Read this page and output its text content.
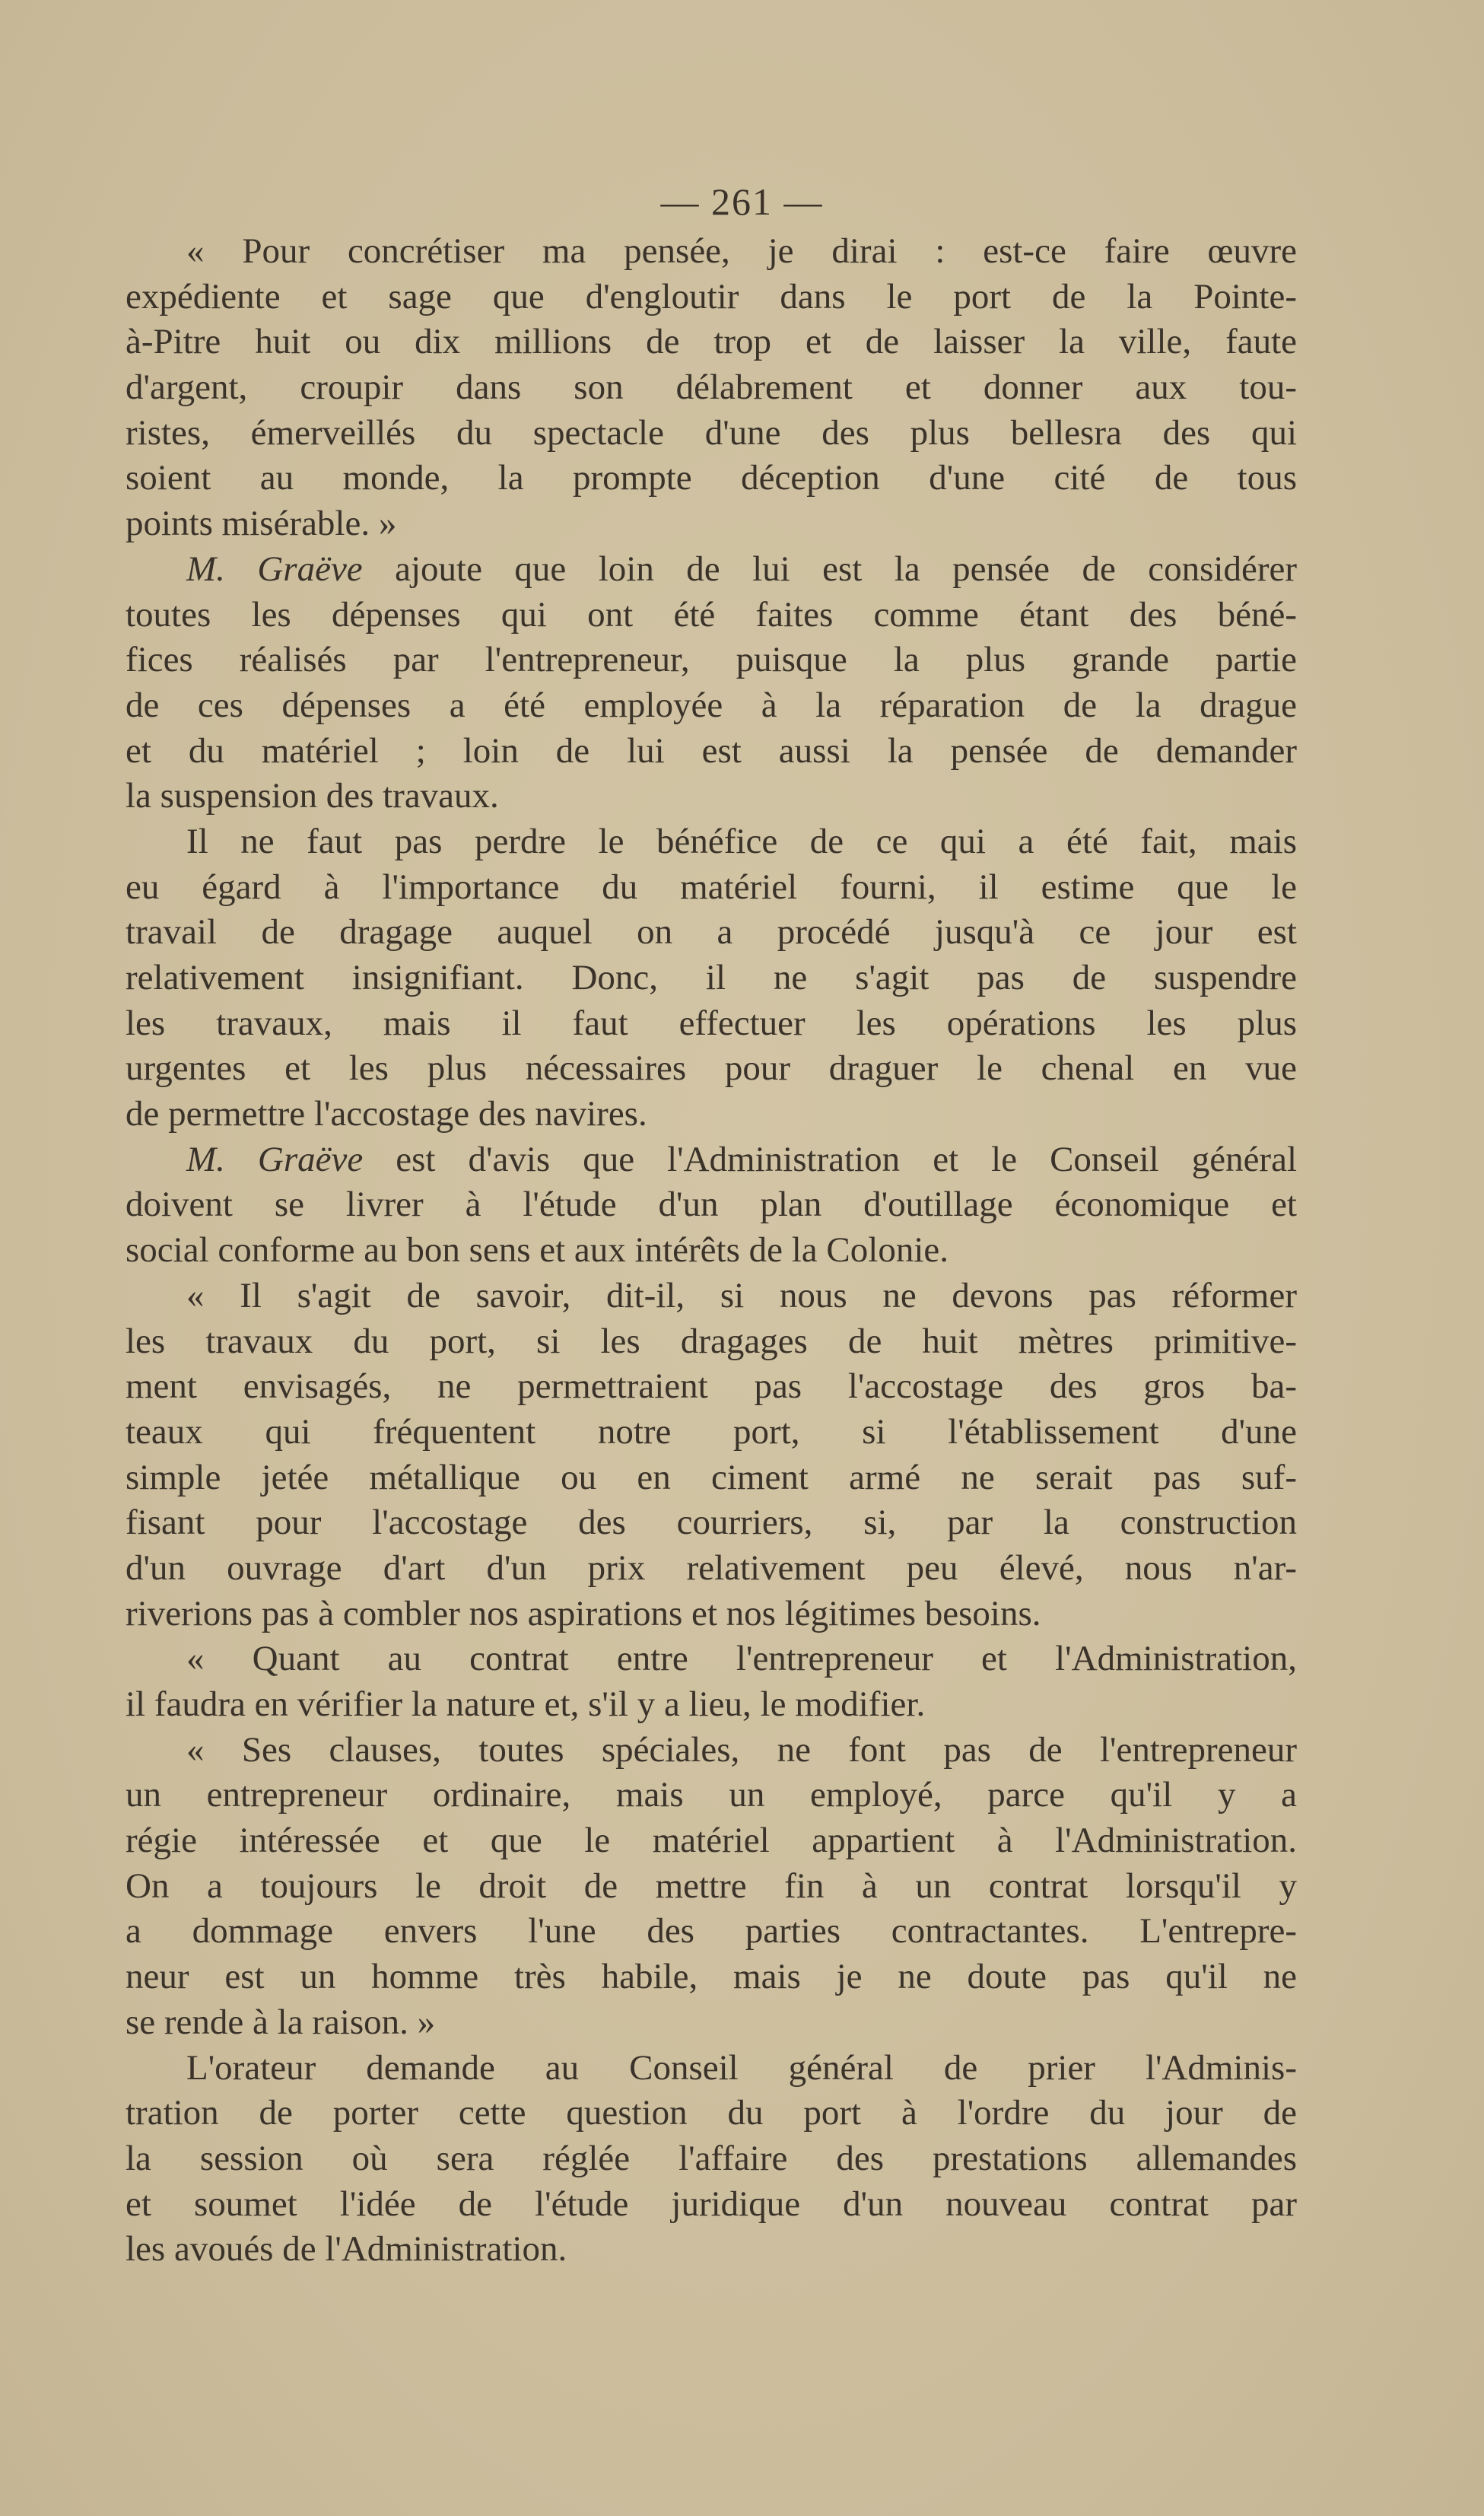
— 261 —
« Pour concrétiser ma pensée, je dirai : est-ce faire œuvre
expédiente et sage que d'engloutir dans le port de la Pointe-
à-Pitre huit ou dix millions de trop et de laisser la ville, faute
d'argent, croupir dans son délabrement et donner aux tou-
ristes, émerveillés du spectacle d'une des plus bellesra des qui
soient au monde, la prompte déception d'une cité de tous
points misérable. »
M. Graëve ajoute que loin de lui est la pensée de considérer
toutes les dépenses qui ont été faites comme étant des béné-
fices réalisés par l'entrepreneur, puisque la plus grande partie
de ces dépenses a été employée à la réparation de la drague
et du matériel ; loin de lui est aussi la pensée de demander
la suspension des travaux.
Il ne faut pas perdre le bénéfice de ce qui a été fait, mais
eu égard à l'importance du matériel fourni, il estime que le
travail de dragage auquel on a procédé jusqu'à ce jour est
relativement insignifiant. Donc, il ne s'agit pas de suspendre
les travaux, mais il faut effectuer les opérations les plus
urgentes et les plus nécessaires pour draguer le chenal en vue
de permettre l'accostage des navires.
M. Graëve est d'avis que l'Administration et le Conseil général
doivent se livrer à l'étude d'un plan d'outillage économique et
social conforme au bon sens et aux intérêts de la Colonie.
« Il s'agit de savoir, dit-il, si nous ne devons pas réformer
les travaux du port, si les dragages de huit mètres primitive-
ment envisagés, ne permettraient pas l'accostage des gros ba-
teaux qui fréquentent notre port, si l'établissement d'une
simple jetée métallique ou en ciment armé ne serait pas suf-
fisant pour l'accostage des courriers, si, par la construction
d'un ouvrage d'art d'un prix relativement peu élevé, nous n'ar-
riverions pas à combler nos aspirations et nos légitimes besoins.
« Quant au contrat entre l'entrepreneur et l'Administration,
il faudra en vérifier la nature et, s'il y a lieu, le modifier.
« Ses clauses, toutes spéciales, ne font pas de l'entrepreneur
un entrepreneur ordinaire, mais un employé, parce qu'il y a
régie intéressée et que le matériel appartient à l'Administration.
On a toujours le droit de mettre fin à un contrat lorsqu'il y
a dommage envers l'une des parties contractantes. L'entrepre-
neur est un homme très habile, mais je ne doute pas qu'il ne
se rende à la raison. »
L'orateur demande au Conseil général de prier l'Adminis-
tration de porter cette question du port à l'ordre du jour de
la session où sera réglée l'affaire des prestations allemandes
et soumet l'idée de l'étude juridique d'un nouveau contrat par
les avoués de l'Administration.
